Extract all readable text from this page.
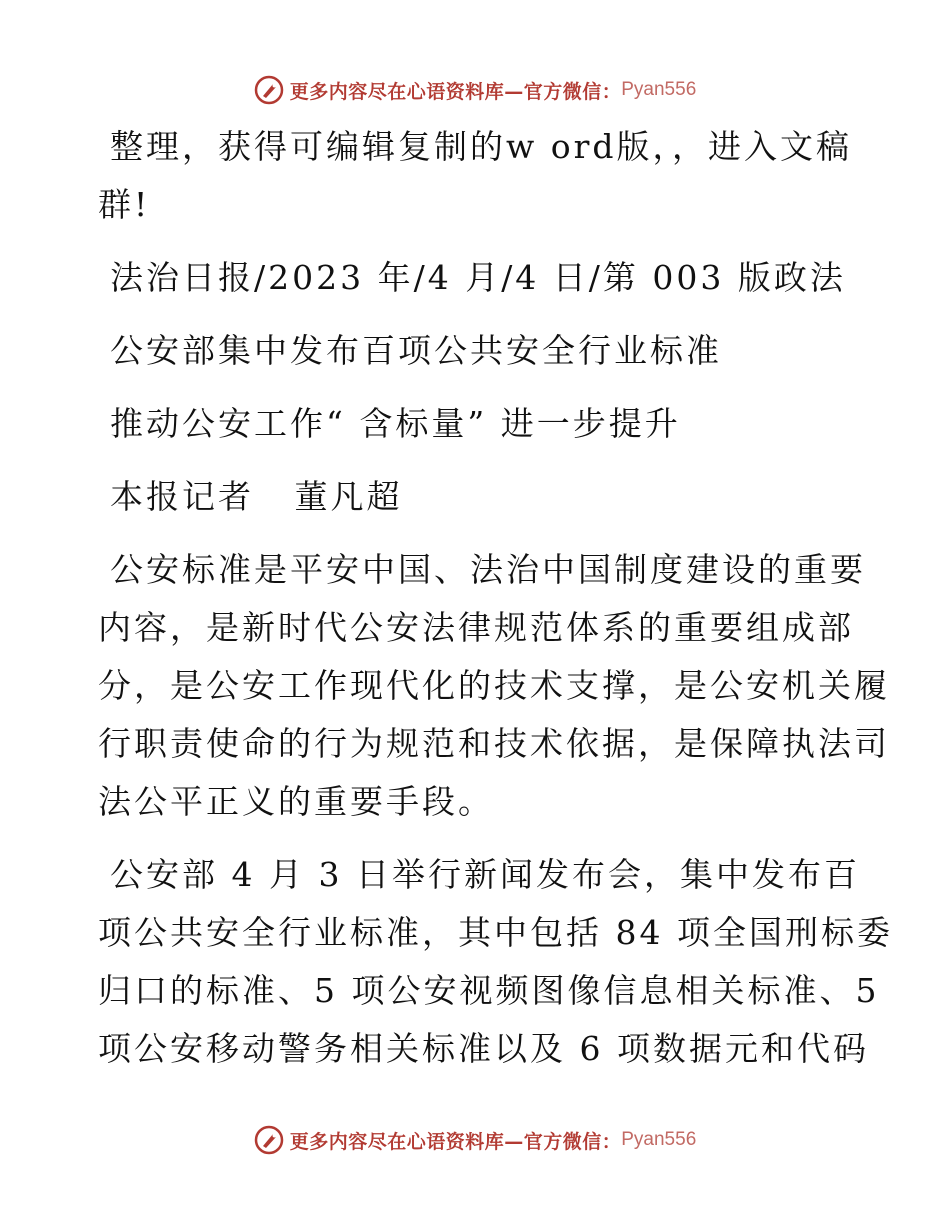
更多内容尽在心语资料库—官方微信： Pyan556
整理，获得可编辑复制的w ord版，，进入文稿
群!
法治日报/2023 年/4 月/4 日/第 003 版政法
公安部集中发布百项公共安全行业标准
推动公安工作“ 含标量” 进一步提升
本报记者   董凡超
公安标准是平安中国、法治中国制度建设的重要
内容，是新时代公安法律规范体系的重要组成部
分，是公安工作现代化的技术支撑，是公安机关履
行职责使命的行为规范和技术依据，是保障执法司
法公平正义的重要手段。
公安部 4 月 3 日举行新闻发布会，集中发布百
项公共安全行业标准，其中包括 84 项全国刑标委
归口的标准、5 项公安视频图像信息相关标准、5
项公安移动警务相关标准以及 6 项数据元和代码
更多内容尽在心语资料库—官方微信： Pyan556
